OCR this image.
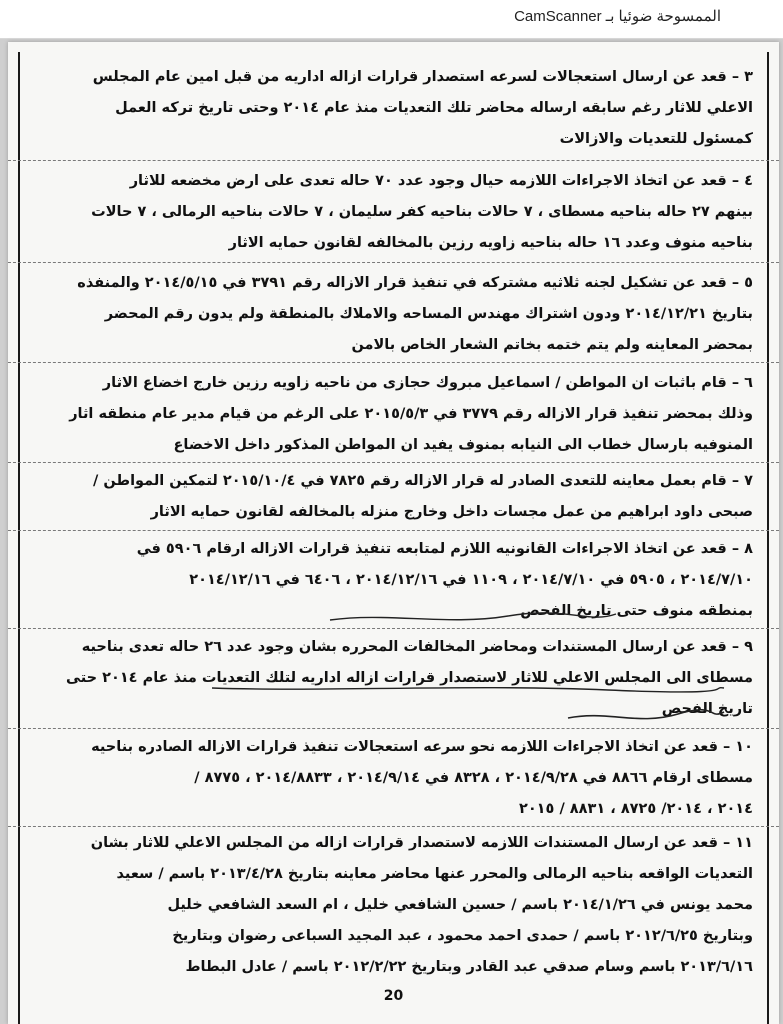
الممسوحة ضوئيا بـ CamScanner
٣ – قعد عن ارسال استعجالات لسرعه استصدار قرارات ازاله اداريه من قبل امين عام المجلس
الاعلي للاثار رغم سابقه ارساله محاضر تلك التعديات منذ عام ٢٠١٤ وحتى تاريخ تركه العمل
كمسئول للتعديات والازالات
٤ – قعد عن اتخاذ الاجراءات اللازمه حيال وجود عدد ٧٠ حاله تعدى على ارض مخضعه للاثار
بينهم ٢٧ حاله بناحيه مسطاى ، ٧ حالات بناحيه كفر سليمان ، ٧ حالات بناحيه الرمالى ، ٧ حالات
بناحيه منوف وعدد ١٦ حاله بناحيه زاويه رزين بالمخالفه لقانون حمايه الاثار
٥ – قعد عن تشكيل لجنه ثلاثيه مشتركه في تنفيذ قرار الازاله رقم ٣٧٩١ في ٢٠١٤/٥/١٥ والمنفذه
بتاريخ ٢٠١٤/١٢/٢١ ودون اشتراك مهندس المساحه والاملاك بالمنطقة ولم يدون رقم المحضر
بمحضر المعاينه ولم يتم ختمه بخاتم الشعار الخاص بالامن
٦ – قام باثبات ان المواطن / اسماعيل مبروك حجازى من ناحيه زاويه رزين خارج اخضاع الاثار
وذلك بمحضر تنفيذ قرار الازاله رقم ٣٧٧٩ في ٢٠١٥/٥/٣ على الرغم من قيام مدير عام منطقه اثار
المنوفيه بارسال خطاب الى النيابه بمنوف يفيد ان المواطن المذكور داخل الاخضاع
٧ – قام بعمل معاينه للتعدى الصادر له قرار الازاله رقم ٧٨٢٥ في ٢٠١٥/١٠/٤ لتمكين المواطن /
صبحى داود ابراهيم من عمل مجسات داخل وخارج منزله بالمخالفه لقانون حمايه الاثار
٨ – قعد عن اتخاذ الاجراءات القانونيه اللازم لمتابعه تنفيذ قرارات الازاله ارقام ٥٩٠٦ في
٢٠١٤/٧/١٠ ، ٥٩٠٥ في ٢٠١٤/٧/١٠ ، ١١٠٩ في ٢٠١٤/١٢/١٦ ، ٦٤٠٦ في ٢٠١٤/١٢/١٦
بمنطقه منوف حتى تاريخ الفحص
٩ – قعد عن ارسال المستندات ومحاضر المخالفات المحرره بشان وجود عدد ٢٦ حاله تعدى بناحيه
مسطاى الى المجلس الاعلي للاثار لاستصدار قرارات ازاله اداريه لتلك التعديات منذ عام ٢٠١٤ حتى
تاريخ الفحص
١٠ – قعد عن اتخاذ الاجراءات اللازمه نحو سرعه استعجالات تنفيذ قرارات الازاله الصادره بناحيه
مسطاى ارقام ٨٨٦٦ في ٢٠١٤/٩/٢٨ ، ٨٣٢٨ في ٢٠١٤/٩/١٤ ، ٢٠١٤/٨٨٣٣ ، ٨٧٧٥ /
٢٠١٤ ، ٢٠١٤/ ٨٧٢٥ ، ٨٨٣١ / ٢٠١٥
١١ – قعد عن ارسال المستندات اللازمه لاستصدار قرارات ازاله من المجلس الاعلي للاثار بشان
التعديات الواقعه بناحيه الرمالى والمحرر عنها محاضر معاينه بتاريخ ٢٠١٣/٤/٢٨ باسم / سعيد
محمد يونس في ٢٠١٤/١/٢٦ باسم / حسين الشافعي خليل ، ام السعد الشافعي خليل
وبتاريخ ٢٠١٢/٦/٢٥ باسم / حمدى احمد محمود ، عبد المجيد السباعى رضوان وبتاريخ
٢٠١٣/٦/١٦ باسم وسام صدقي عبد القادر وبتاريخ ٢٠١٢/٢/٢٢ باسم / عادل البطاط
20
